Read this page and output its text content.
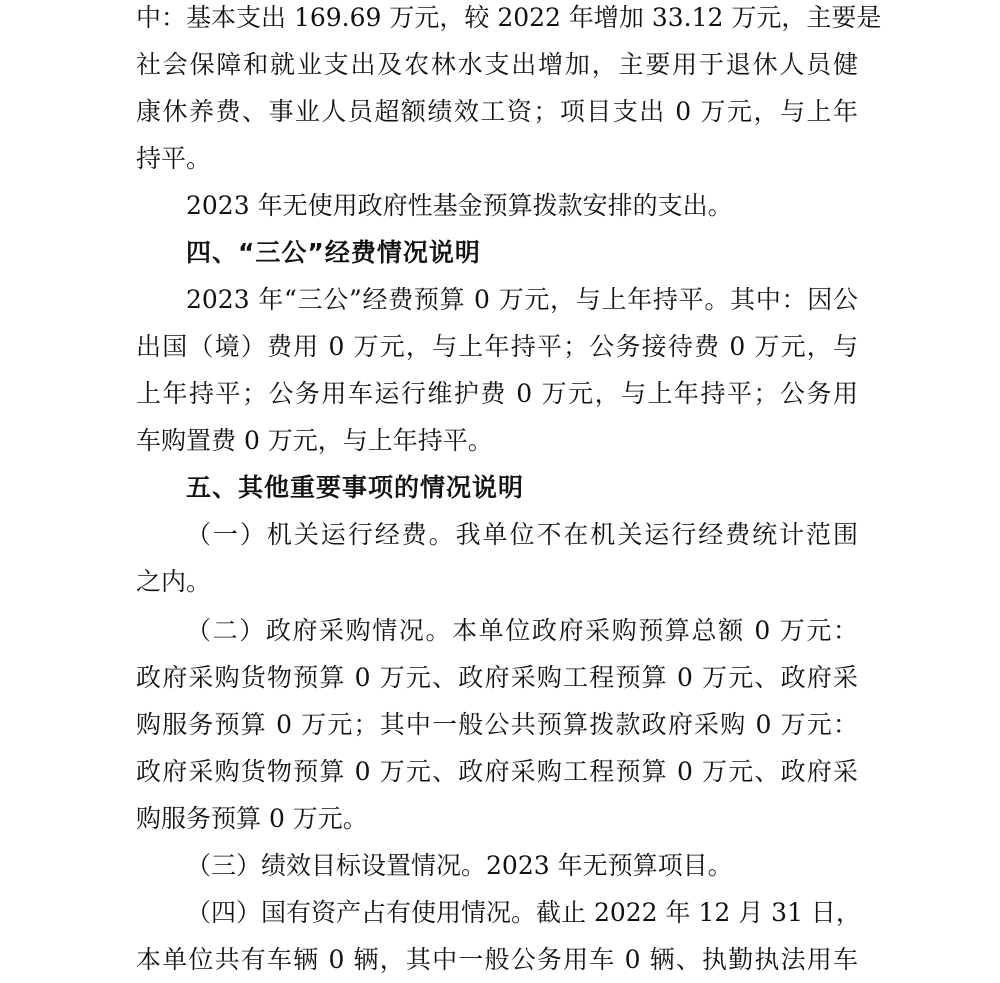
中：基本支出 169.69 万元，较 2022 年增加 33.12 万元，主要是
社会保障和就业支出及农林水支出增加，主要用于退休人员健
康休养费、事业人员超额绩效工资；项目支出 0 万元，与上年
持平。
2023 年无使用政府性基金预算拨款安排的支出。
四、“三公”经费情况说明
2023 年“三公”经费预算 0 万元，与上年持平。其中：因公
出国（境）费用 0 万元，与上年持平；公务接待费 0 万元，与
上年持平；公务用车运行维护费 0 万元，与上年持平；公务用
车购置费 0 万元，与上年持平。
五、其他重要事项的情况说明
（一）机关运行经费。我单位不在机关运行经费统计范围
之内。
（二）政府采购情况。本单位政府采购预算总额 0 万元：
政府采购货物预算 0 万元、政府采购工程预算 0 万元、政府采
购服务预算 0 万元；其中一般公共预算拨款政府采购 0 万元：
政府采购货物预算 0 万元、政府采购工程预算 0 万元、政府采
购服务预算 0 万元。
（三）绩效目标设置情况。2023 年无预算项目。
（四）国有资产占有使用情况。截止 2022 年 12 月 31 日，
本单位共有车辆 0 辆，其中一般公务用车 0 辆、执勤执法用车
